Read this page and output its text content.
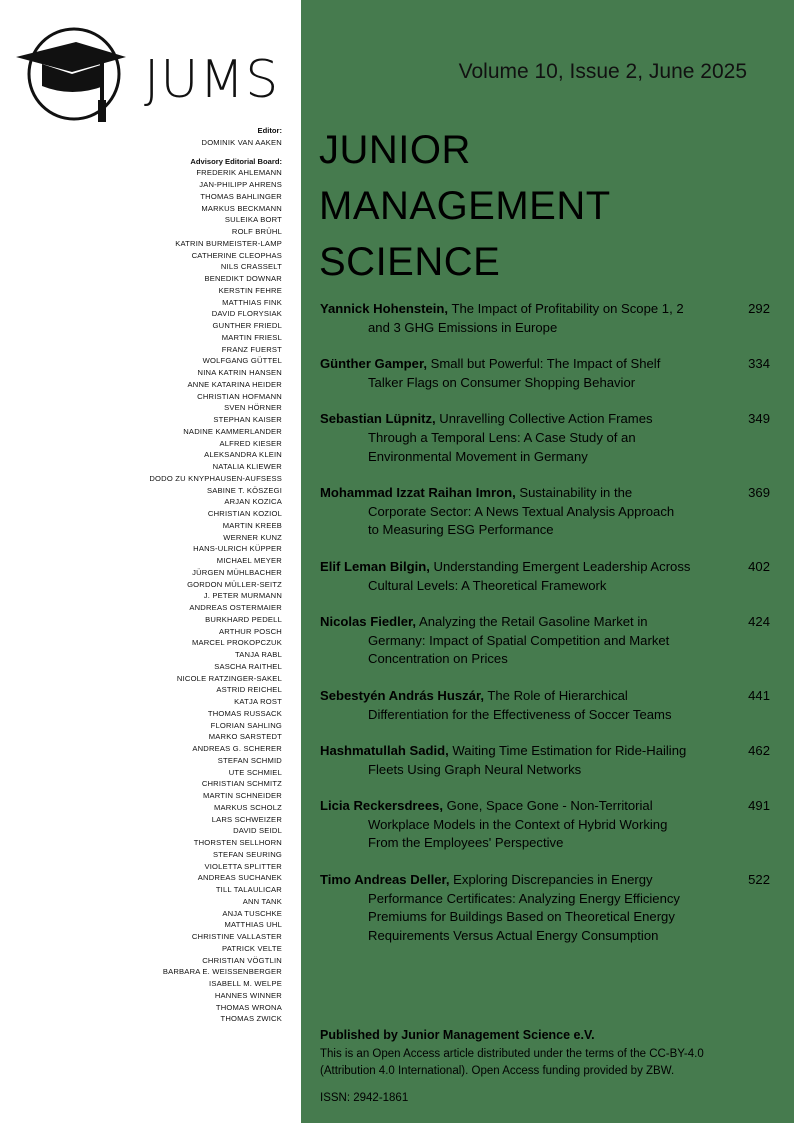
JUMS
Editor:
DOMINIK VAN AAKEN
Advisory Editorial Board:
FREDERIK AHLEMANN
JAN-PHILIPP AHRENS
THOMAS BAHLINGER
MARKUS BECKMANN
SULEIKA BORT
ROLF BRÜHL
KATRIN BURMEISTER-LAMP
CATHERINE CLEOPHAS
NILS CRASSELT
BENEDIKT DOWNAR
KERSTIN FEHRE
MATTHIAS FINK
DAVID FLORYSIAK
GUNTHER FRIEDL
MARTIN FRIESL
FRANZ FUERST
WOLFGANG GÜTTEL
NINA KATRIN HANSEN
ANNE KATARINA HEIDER
CHRISTIAN HOFMANN
SVEN HÖRNER
STEPHAN KAISER
NADINE KAMMERLANDER
ALFRED KIESER
ALEKSANDRA KLEIN
NATALIA KLIEWER
DODO ZU KNYPHAUSEN-AUFSESS
SABINE T. KÖSZEGI
ARJAN KOZICA
CHRISTIAN KOZIOL
MARTIN KREEB
WERNER KUNZ
HANS-ULRICH KÜPPER
MICHAEL MEYER
JÜRGEN MÜHLBACHER
GORDON MÜLLER-SEITZ
J. PETER MURMANN
ANDREAS OSTERMAIER
BURKHARD PEDELL
ARTHUR POSCH
MARCEL PROKOPCZUK
TANJA RABL
SASCHA RAITHEL
NICOLE RATZINGER-SAKEL
ASTRID REICHEL
KATJA ROST
THOMAS RUSSACK
FLORIAN SAHLING
MARKO SARSTEDT
ANDREAS G. SCHERER
STEFAN SCHMID
UTE SCHMIEL
CHRISTIAN SCHMITZ
MARTIN SCHNEIDER
MARKUS SCHOLZ
LARS SCHWEIZER
DAVID SEIDL
THORSTEN SELLHORN
STEFAN SEURING
VIOLETTA SPLITTER
ANDREAS SUCHANEK
TILL TALAULICAR
ANN TANK
ANJA TUSCHKE
MATTHIAS UHL
CHRISTINE VALLASTER
PATRICK VELTE
CHRISTIAN VÖGTLIN
BARBARA E. WEISSENBERGER
ISABELL M. WELPE
HANNES WINNER
THOMAS WRONA
THOMAS ZWICK
Volume 10, Issue 2, June 2025
JUNIOR
MANAGEMENT
SCIENCE
Yannick Hohenstein, The Impact of Profitability on Scope 1, 2
and 3 GHG Emissions in Europe
292
Günther Gamper, Small but Powerful: The Impact of Shelf
Talker Flags on Consumer Shopping Behavior
334
Sebastian Lüpnitz, Unravelling Collective Action Frames
Through a Temporal Lens: A Case Study of an
Environmental Movement in Germany
349
Mohammad Izzat Raihan Imron, Sustainability in the
Corporate Sector: A News Textual Analysis Approach
to Measuring ESG Performance
369
Elif Leman Bilgin, Understanding Emergent Leadership Across
Cultural Levels: A Theoretical Framework
402
Nicolas Fiedler, Analyzing the Retail Gasoline Market in
Germany: Impact of Spatial Competition and Market
Concentration on Prices
424
Sebestyén András Huszár, The Role of Hierarchical
Differentiation for the Effectiveness of Soccer Teams
441
Hashmatullah Sadid, Waiting Time Estimation for Ride-Hailing
Fleets Using Graph Neural Networks
462
Licia Reckersdrees, Gone, Space Gone - Non-Territorial
Workplace Models in the Context of Hybrid Working
From the Employees' Perspective
491
Timo Andreas Deller, Exploring Discrepancies in Energy
Performance Certificates: Analyzing Energy Efficiency
Premiums for Buildings Based on Theoretical Energy
Requirements Versus Actual Energy Consumption
522
Published by Junior Management Science e.V.
This is an Open Access article distributed under the terms of the CC-BY-4.0
(Attribution 4.0 International). Open Access funding provided by ZBW.
ISSN: 2942-1861
